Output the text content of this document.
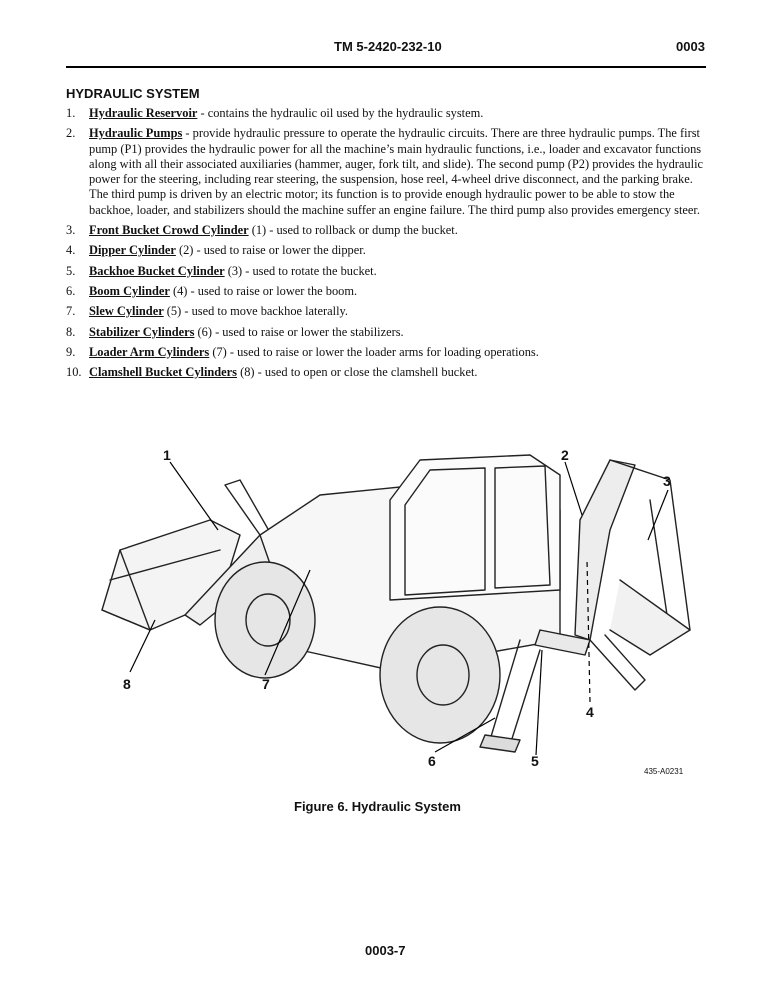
TM 5-2420-232-10	0003
HYDRAULIC SYSTEM
1. Hydraulic Reservoir - contains the hydraulic oil used by the hydraulic system.
2. Hydraulic Pumps - provide hydraulic pressure to operate the hydraulic circuits. There are three hydraulic pumps. The first pump (P1) provides the hydraulic power for all the machine’s main hydraulic functions, i.e., loader and excavator functions along with all their associated auxiliaries (hammer, auger, fork tilt, and slide). The second pump (P2) provides the hydraulic power for the steering, including rear steering, the suspension, hose reel, 4-wheel drive disconnect, and the parking brake. The third pump is driven by an electric motor; its function is to provide enough hydraulic power to be able to stow the backhoe, loader, and stabilizers should the machine suffer an engine failure. The third pump also provides emergency steer.
3. Front Bucket Crowd Cylinder (1) - used to rollback or dump the bucket.
4. Dipper Cylinder (2) - used to raise or lower the dipper.
5. Backhoe Bucket Cylinder (3) - used to rotate the bucket.
6. Boom Cylinder (4) - used to raise or lower the boom.
7. Slew Cylinder (5) - used to move backhoe laterally.
8. Stabilizer Cylinders (6) - used to raise or lower the stabilizers.
9. Loader Arm Cylinders (7) - used to raise or lower the loader arms for loading operations.
10. Clamshell Bucket Cylinders (8) - used to open or close the clamshell bucket.
1	2
3
4
5
6
7
8
435-A0231
Figure 6. Hydraulic System
0003-7
